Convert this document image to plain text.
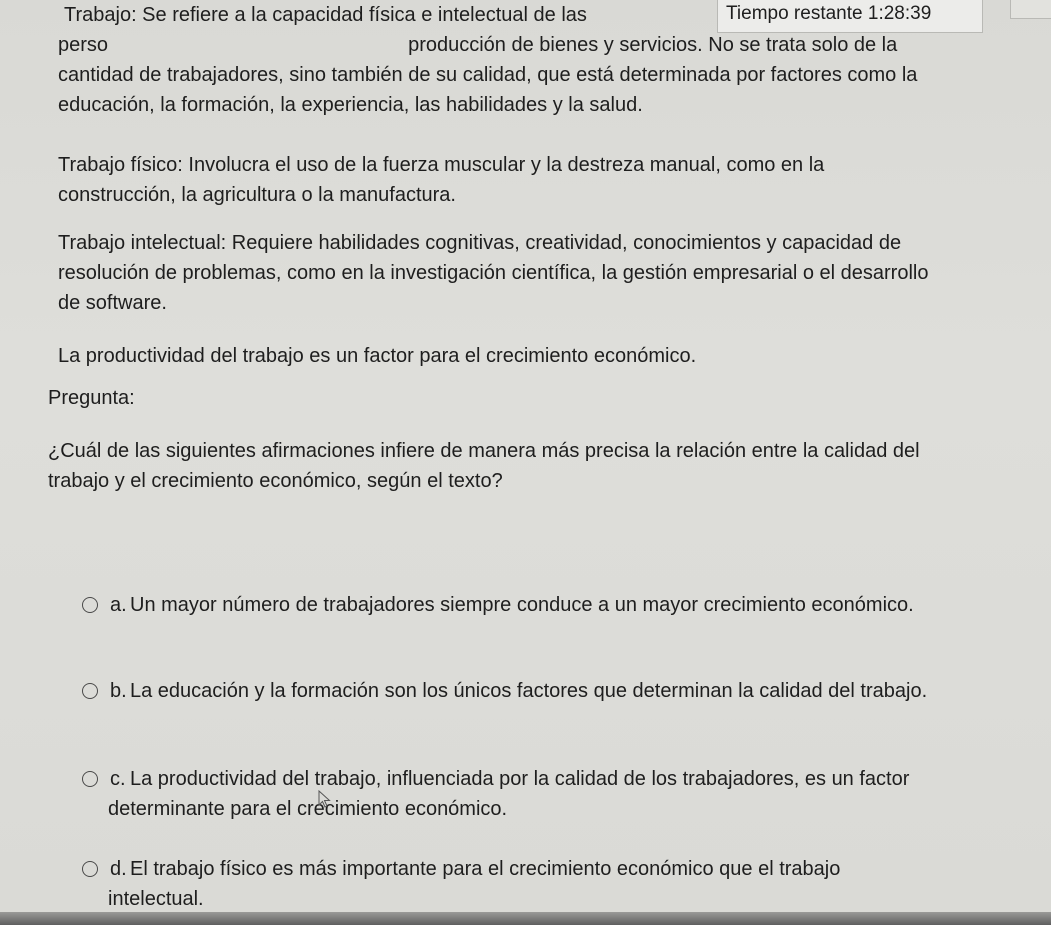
Trabajo: Se refiere a la capacidad física e intelectual de las perso                                                      producción de bienes y servicios. No se trata solo de la cantidad de trabajadores, sino también de su calidad, que está determinada por factores como la educación, la formación, la experiencia, las habilidades y la salud.

Tiempo restante 1:28:39

Trabajo físico: Involucra el uso de la fuerza muscular y la destreza manual, como en la construcción, la agricultura o la manufactura.

Trabajo intelectual: Requiere habilidades cognitivas, creatividad, conocimientos y capacidad de resolución de problemas, como en la investigación científica, la gestión empresarial o el desarrollo de software.

La productividad del trabajo es un factor para el crecimiento económico.

Pregunta:

¿Cuál de las siguientes afirmaciones infiere de manera más precisa la relación entre la calidad del trabajo y el crecimiento económico, según el texto?

a. Un mayor número de trabajadores siempre conduce a un mayor crecimiento económico.
b. La educación y la formación son los únicos factores que determinan la calidad del trabajo.
c. La productividad del trabajo, influenciada por la calidad de los trabajadores, es un factor determinante para el crecimiento económico.
d. El trabajo físico es más importante para el crecimiento económico que el trabajo intelectual.
